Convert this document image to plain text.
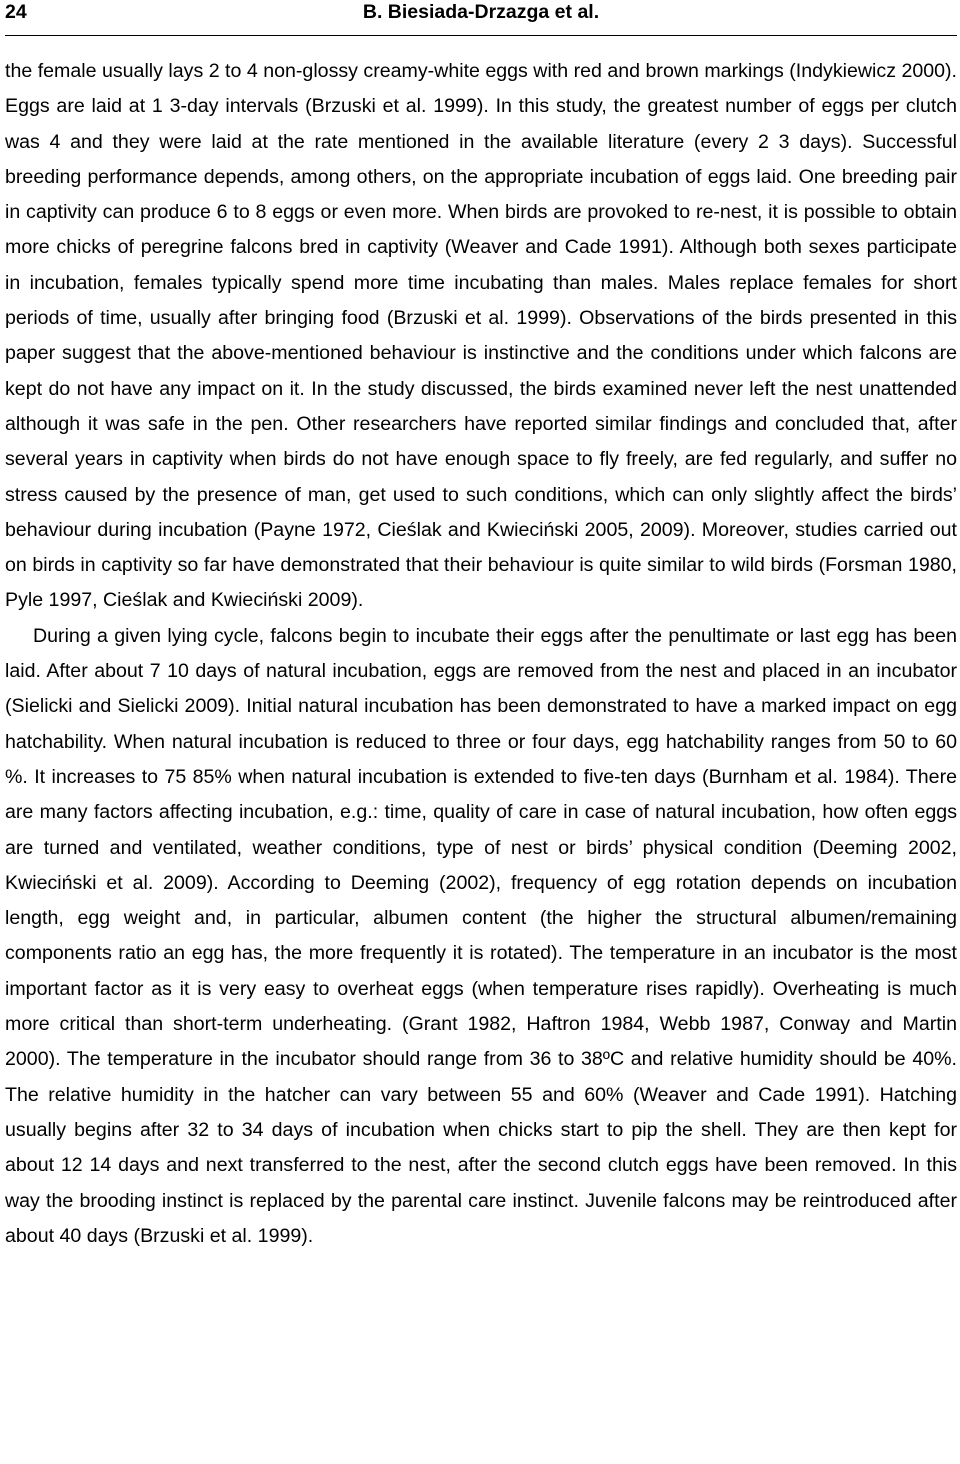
24	B. Biesiada-Drzazga et al.

the female usually lays 2 to 4 non-glossy creamy-white eggs with red and brown markings (Indykiewicz 2000). Eggs are laid at 1 3-day intervals (Brzuski et al. 1999). In this study, the greatest number of eggs per clutch was 4 and they were laid at the rate mentioned in the available literature (every 2 3 days). Successful breeding performance depends, among others, on the appropriate incubation of eggs laid. One breeding pair in captivity can produce 6 to 8 eggs or even more. When birds are provoked to re-nest, it is possible to obtain more chicks of peregrine falcons bred in captivity (Weaver and Cade 1991). Although both sexes participate in incubation, females typically spend more time incubating than males. Males replace females for short periods of time, usually after bringing food (Brzuski et al. 1999). Observations of the birds presented in this paper suggest that the above-mentioned behaviour is instinctive and the conditions under which falcons are kept do not have any impact on it. In the study discussed, the birds examined never left the nest unattended although it was safe in the pen. Other researchers have reported similar findings and concluded that, after several years in captivity when birds do not have enough space to fly freely, are fed regularly, and suffer no stress caused by the presence of man, get used to such conditions, which can only slightly affect the birds’ behaviour during incubation (Payne 1972, Cieślak and Kwieciński 2005, 2009). Moreover, studies carried out on birds in captivity so far have demonstrated that their behaviour is quite similar to wild birds (Forsman 1980, Pyle 1997, Cieślak and Kwieciński 2009).

During a given lying cycle, falcons begin to incubate their eggs after the penultimate or last egg has been laid. After about 7 10 days of natural incubation, eggs are removed from the nest and placed in an incubator (Sielicki and Sielicki 2009). Initial natural incubation has been demonstrated to have a marked impact on egg hatchability. When natural incubation is reduced to three or four days, egg hatchability ranges from 50 to 60 %. It increases to 75 85% when natural incubation is extended to five-ten days (Burnham et al. 1984). There are many factors affecting incubation, e.g.: time, quality of care in case of natural incubation, how often eggs are turned and ventilated, weather conditions, type of nest or birds’ physical condition (Deeming 2002, Kwieciński et al. 2009). According to Deeming (2002), frequency of egg rotation depends on incubation length, egg weight and, in particular, albumen content (the higher the structural albumen/remaining components ratio an egg has, the more frequently it is rotated). The temperature in an incubator is the most important factor as it is very easy to overheat eggs (when temperature rises rapidly). Overheating is much more critical than short-term underheating. (Grant 1982, Haftron 1984, Webb 1987, Conway and Martin 2000). The temperature in the incubator should range from 36 to 38ºC and relative humidity should be 40%. The relative humidity in the hatcher can vary between 55 and 60% (Weaver and Cade 1991). Hatching usually begins after 32 to 34 days of incubation when chicks start to pip the shell. They are then kept for about 12 14 days and next transferred to the nest, after the second clutch eggs have been removed. In this way the brooding instinct is replaced by the parental care instinct. Juvenile falcons may be reintroduced after about 40 days (Brzuski et al. 1999).
